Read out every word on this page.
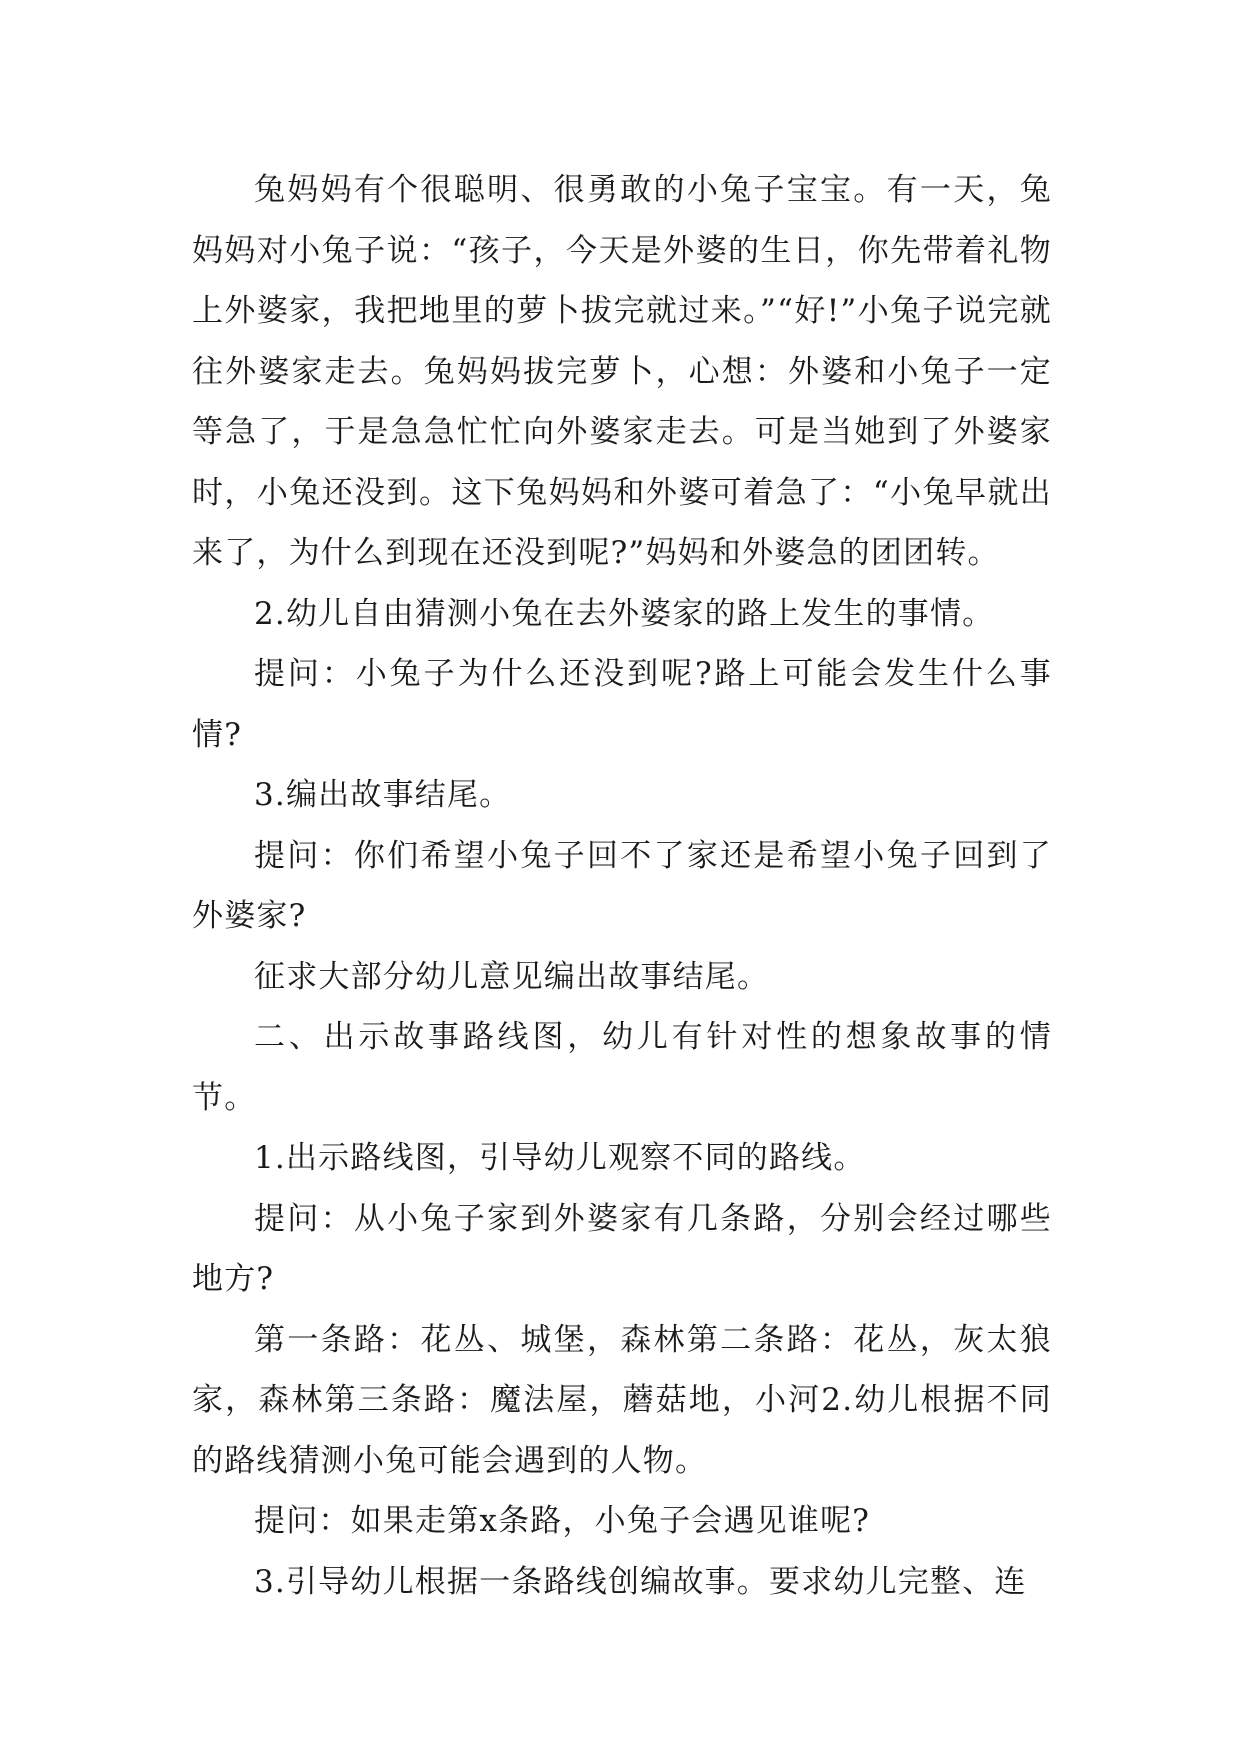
兔妈妈有个很聪明、很勇敢的小兔子宝宝。有一天，兔妈妈对小兔子说：“孩子，今天是外婆的生日，你先带着礼物上外婆家，我把地里的萝卜拔完就过来。”“好!”小兔子说完就往外婆家走去。兔妈妈拔完萝卜，心想：外婆和小兔子一定等急了，于是急急忙忙向外婆家走去。可是当她到了外婆家时，小兔还没到。这下兔妈妈和外婆可着急了：“小兔早就出来了，为什么到现在还没到呢?”妈妈和外婆急的团团转。

2.幼儿自由猜测小兔在去外婆家的路上发生的事情。

提问：小兔子为什么还没到呢?路上可能会发生什么事情?

3.编出故事结尾。

提问：你们希望小兔子回不了家还是希望小兔子回到了外婆家?

征求大部分幼儿意见编出故事结尾。

二、出示故事路线图，幼儿有针对性的想象故事的情节。

1.出示路线图，引导幼儿观察不同的路线。

提问：从小兔子家到外婆家有几条路，分别会经过哪些地方?

第一条路：花丛、城堡，森林第二条路：花丛，灰太狼家，森林第三条路：魔法屋，蘑菇地，小河2.幼儿根据不同的路线猜测小兔可能会遇到的人物。

提问：如果走第x条路，小兔子会遇见谁呢?

3.引导幼儿根据一条路线创编故事。要求幼儿完整、连
